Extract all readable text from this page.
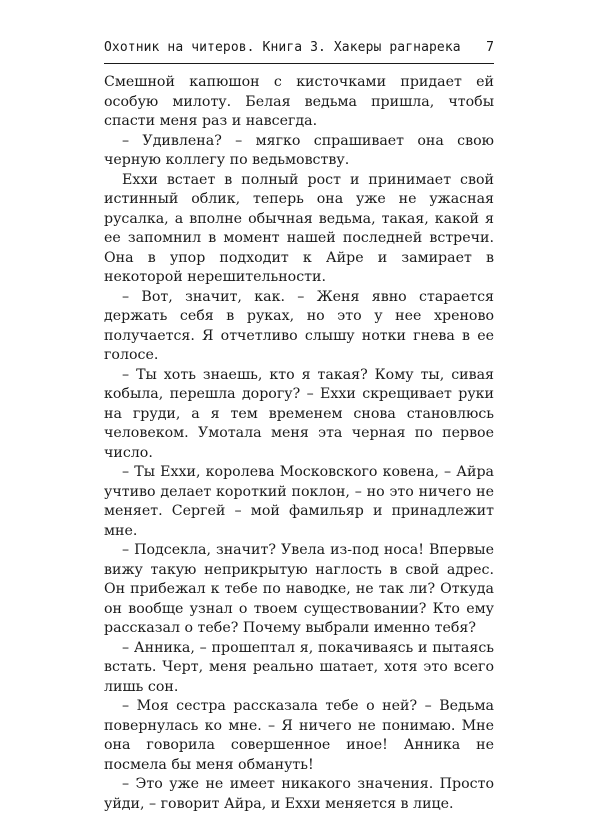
Охотник на читеров. Книга 3. Хакеры рагнарека 7

Смешной капюшон с кисточками придает ей особую милоту. Белая ведьма пришла, чтобы спасти меня раз и навсегда.

– Удивлена? – мягко спрашивает она свою черную коллегу по ведьмовству.

Еххи встает в полный рост и принимает свой истинный облик, теперь она уже не ужасная русалка, а вполне обычная ведьма, такая, какой я ее запомнил в момент нашей последней встречи. Она в упор подходит к Айре и замирает в некоторой нерешительности.

– Вот, значит, как. – Женя явно старается держать себя в руках, но это у нее хреново получается. Я отчетливо слышу нотки гнева в ее голосе.

– Ты хоть знаешь, кто я такая? Кому ты, сивая кобыла, перешла дорогу? – Еххи скрещивает руки на груди, а я тем временем снова становлюсь человеком. Умотала меня эта черная по первое число.

– Ты Еххи, королева Московского ковена, – Айра учтиво делает короткий поклон, – но это ничего не меняет. Сергей – мой фамильяр и принадлежит мне.

– Подсекла, значит? Увела из-под носа! Впервые вижу такую неприкрытую наглость в свой адрес. Он прибежал к тебе по наводке, не так ли? Откуда он вообще узнал о твоем существовании? Кто ему рассказал о тебе? Почему выбрали именно тебя?

– Анника, – прошептал я, покачиваясь и пытаясь встать. Черт, меня реально шатает, хотя это всего лишь сон.

– Моя сестра рассказала тебе о ней? – Ведьма повернулась ко мне. – Я ничего не понимаю. Мне она говорила совершенное иное! Анника не посмела бы меня обмануть!

– Это уже не имеет никакого значения. Просто уйди, – говорит Айра, и Еххи меняется в лице.
